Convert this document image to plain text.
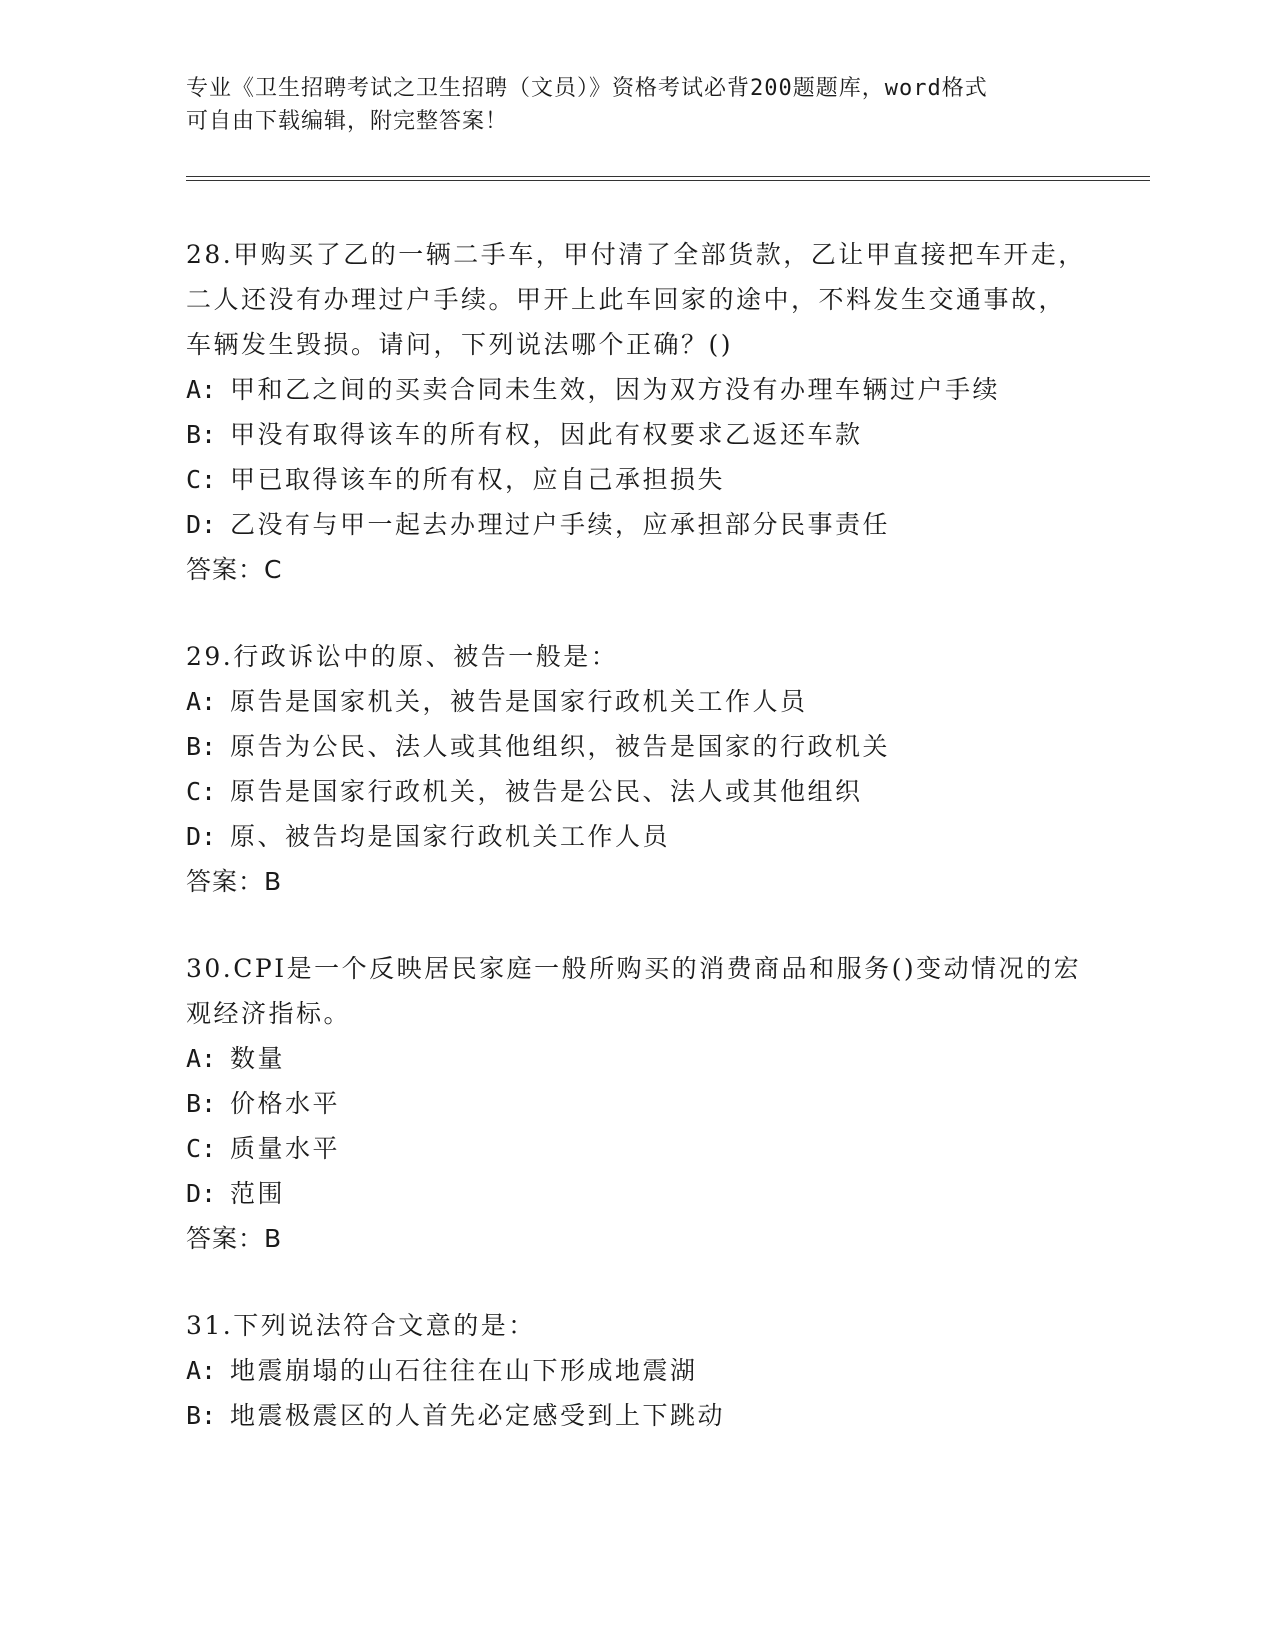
专业《卫生招聘考试之卫生招聘（文员）》资格考试必背200题题库，word格式
可自由下载编辑，附完整答案！

28.甲购买了乙的一辆二手车，甲付清了全部货款，乙让甲直接把车开走，二人还没有办理过户手续。甲开上此车回家的途中，不料发生交通事故，车辆发生毁损。请问，下列说法哪个正确？()

A: 甲和乙之间的买卖合同未生效，因为双方没有办理车辆过户手续

B: 甲没有取得该车的所有权，因此有权要求乙返还车款

C: 甲已取得该车的所有权，应自己承担损失

D: 乙没有与甲一起去办理过户手续，应承担部分民事责任

答案：C

29.行政诉讼中的原、被告一般是：

A: 原告是国家机关，被告是国家行政机关工作人员

B: 原告为公民、法人或其他组织，被告是国家的行政机关

C: 原告是国家行政机关，被告是公民、法人或其他组织

D: 原、被告均是国家行政机关工作人员

答案：B

30.CPI是一个反映居民家庭一般所购买的消费商品和服务()变动情况的宏观经济指标。

A: 数量

B: 价格水平

C: 质量水平

D: 范围

答案：B

31.下列说法符合文意的是：

A: 地震崩塌的山石往往在山下形成地震湖

B: 地震极震区的人首先必定感受到上下跳动
